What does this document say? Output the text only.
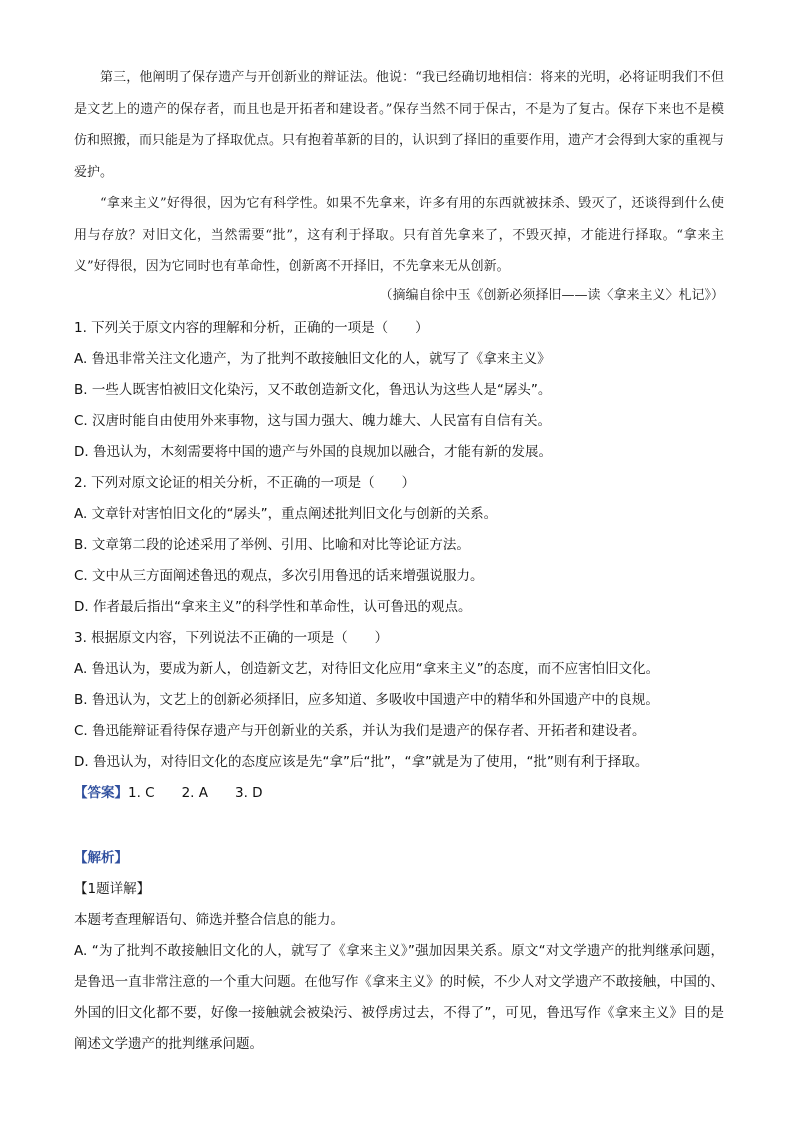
第三，他阐明了保存遗产与开创新业的辩证法。他说：“我已经确切地相信：将来的光明，必将证明我们不但是文艺上的遗产的保存者，而且也是开拓者和建设者。”保存当然不同于保古，不是为了复古。保存下来也不是模仿和照搬，而只能是为了择取优点。只有抱着革新的目的，认识到了择旧的重要作用，遗产才会得到大家的重视与爱护。

“拿来主义”好得很，因为它有科学性。如果不先拿来，许多有用的东西就被抹杀、毁灭了，还谈得到什么使用与存放？对旧文化，当然需要“批”，这有利于择取。只有首先拿来了，不毁灭掉，才能进行择取。“拿来主义”好得很，因为它同时也有革命性，创新离不开择旧，不先拿来无从创新。

（摘编自徐中玉《创新必须择旧——读〈拿来主义〉札记》）
1. 下列关于原文内容的理解和分析，正确的一项是（　　）
A. 鲁迅非常关注文化遗产，为了批判不敢接触旧文化的人，就写了《拿来主义》
B. 一些人既害怕被旧文化染污，又不敢创造新文化，鲁迅认为这些人是“孱头”。
C. 汉唐时能自由使用外来事物，这与国力强大、魄力雄大、人民富有自信有关。
D. 鲁迅认为，木刻需要将中国的遗产与外国的良规加以融合，才能有新的发展。
2. 下列对原文论证的相关分析，不正确的一项是（　　）
A. 文章针对害怕旧文化的“孱头”，重点阐述批判旧文化与创新的关系。
B. 文章第二段的论述采用了举例、引用、比喻和对比等论证方法。
C. 文中从三方面阐述鲁迅的观点，多次引用鲁迅的话来增强说服力。
D. 作者最后指出“拿来主义”的科学性和革命性，认可鲁迅的观点。
3. 根据原文内容，下列说法不正确的一项是（　　）
A. 鲁迅认为，要成为新人，创造新文艺，对待旧文化应用“拿来主义”的态度，而不应害怕旧文化。
B. 鲁迅认为，文艺上的创新必须择旧，应多知道、多吸收中国遗产中的精华和外国遗产中的良规。
C. 鲁迅能辩证看待保存遗产与开创新业的关系，并认为我们是遗产的保存者、开拓者和建设者。
D. 鲁迅认为，对待旧文化的态度应该是先“拿”后“批”，“拿”就是为了使用，“批”则有利于择取。
【答案】1. C　　2. A　　3. D
【解析】
【1题详解】
本题考查理解语句、筛选并整合信息的能力。
A. “为了批判不敢接触旧文化的人，就写了《拿来主义》”强加因果关系。原文“对文学遗产的批判继承问题，是鲁迅一直非常注意的一个重大问题。在他写作《拿来主义》的时候，不少人对文学遗产不敢接触，中国的、外国的旧文化都不要，好像一接触就会被染污、被俘虏过去，不得了”，可见，鲁迅写作《拿来主义》目的是阐述文学遗产的批判继承问题。
